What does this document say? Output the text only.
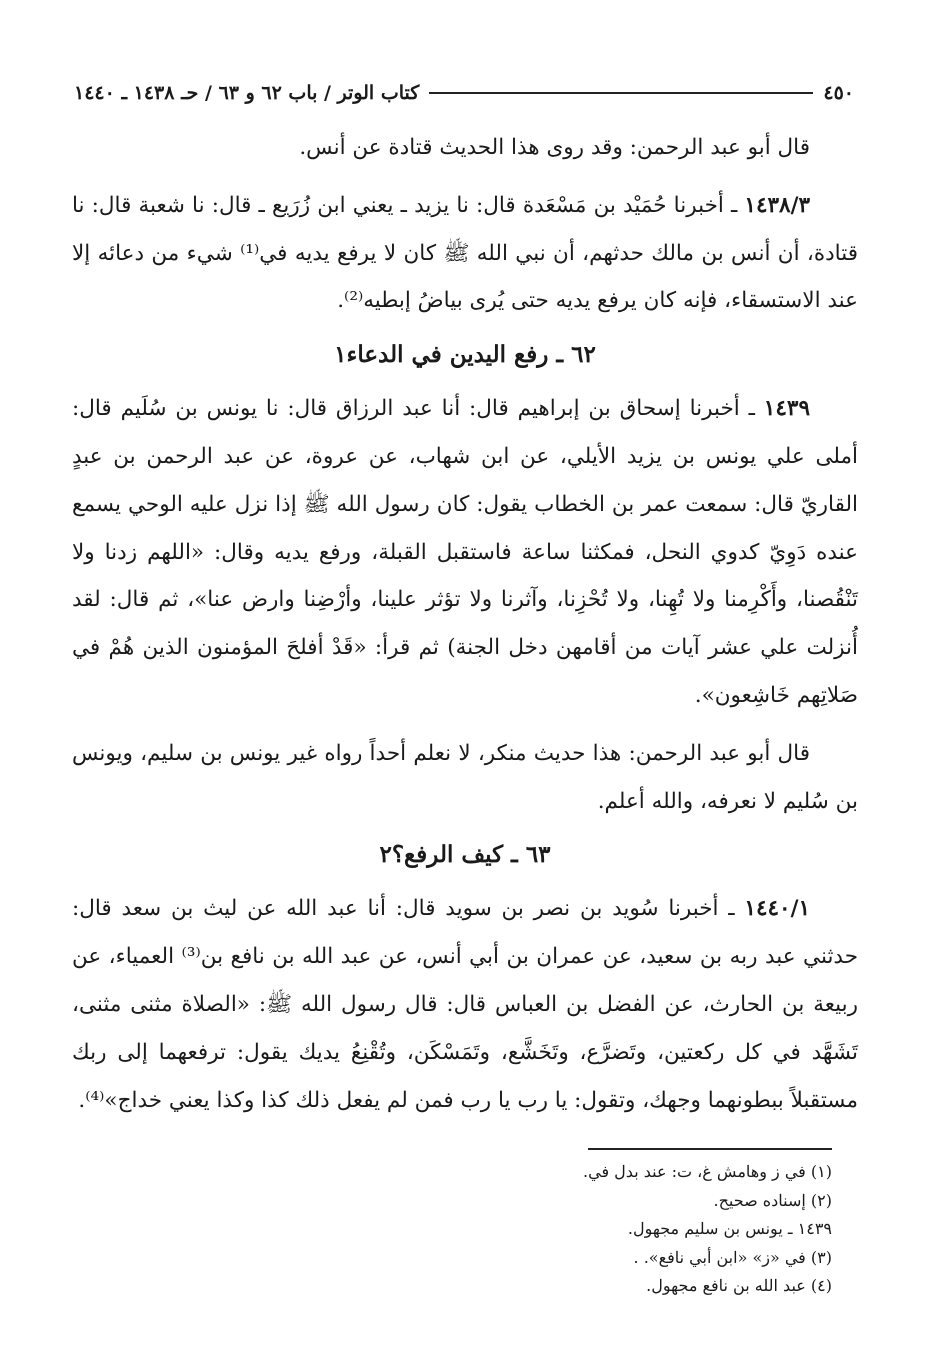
٤٥٠
كتاب الوتر / باب ٦٢ و ٦٣ / حـ ١٤٣٨ ـ ١٤٤٠

قال أبو عبد الرحمن: وقد روى هذا الحديث قتادة عن أنس.

١٤٣٨/٣ ـ أخبرنا حُمَيْد بن مَسْعَدة قال: نا يزيد ـ يعني ابن زُرَيع ـ قال: نا شعبة قال: نا قتادة، أن أنس بن مالك حدثهم، أن نبي الله ﷺ كان لا يرفع يديه في⁽¹⁾ شيء من دعائه إلا عند الاستسقاء، فإنه كان يرفع يديه حتى يُرى بياضُ إبطيه⁽²⁾.

٦٢ ـ رفع اليدين في الدعاء١

١٤٣٩ ـ أخبرنا إسحاق بن إبراهيم قال: أنا عبد الرزاق قال: نا يونس بن سُلَيم قال: أملى علي يونس بن يزيد الأيلي، عن ابن شهاب، عن عروة، عن عبد الرحمن بن عبدٍ القاريّ قال: سمعت عمر بن الخطاب يقول: كان رسول الله ﷺ إذا نزل عليه الوحي يسمع عنده دَوِيّ كدوي النحل، فمكثنا ساعة فاستقبل القبلة، ورفع يديه وقال: «اللهم زدنا ولا تَنْقُصنا، وأَكْرِمنا ولا تُهِنا، ولا تُحْزِنا، وآثرنا ولا تؤثر علينا، وأرْضِنا وارض عنا»، ثم قال: لقد أُنزلت علي عشر آيات من أقامهن دخل الجنة) ثم قرأ: «قَدْ أفلحَ المؤمنون الذين هُمْ في صَلاتِهم خَاشِعون».

قال أبو عبد الرحمن: هذا حديث منكر، لا نعلم أحداً رواه غير يونس بن سليم، ويونس بن سُليم لا نعرفه، والله أعلم.

٦٣ ـ كيف الرفع؟٢

١٤٤٠/١ ـ أخبرنا سُويد بن نصر بن سويد قال: أنا عبد الله عن ليث بن سعد قال: حدثني عبد ربه بن سعيد، عن عمران بن أبي أنس، عن عبد الله بن نافع بن⁽³⁾ العمياء، عن ربيعة بن الحارث، عن الفضل بن العباس قال: قال رسول الله ﷺ: «الصلاة مثنى مثنى، تَشَهَّد في كل ركعتين، وتَضرَّع، وتَخَشَّع، وتَمَسْكَن، وتُقْنِعُ يديك يقول: ترفعهما إلى ربك مستقبلاً ببطونهما وجهك، وتقول: يا رب يا رب فمن لم يفعل ذلك كذا وكذا يعني خداج»⁽⁴⁾.

(١) في ز وهامش غ، ت: عند بدل في.
(٢) إسناده صحيح.
١٤٣٩ ـ يونس بن سليم مجهول.
(٣) في «ز» «ابن أبي نافع». .
(٤) عبد الله بن نافع مجهول.
